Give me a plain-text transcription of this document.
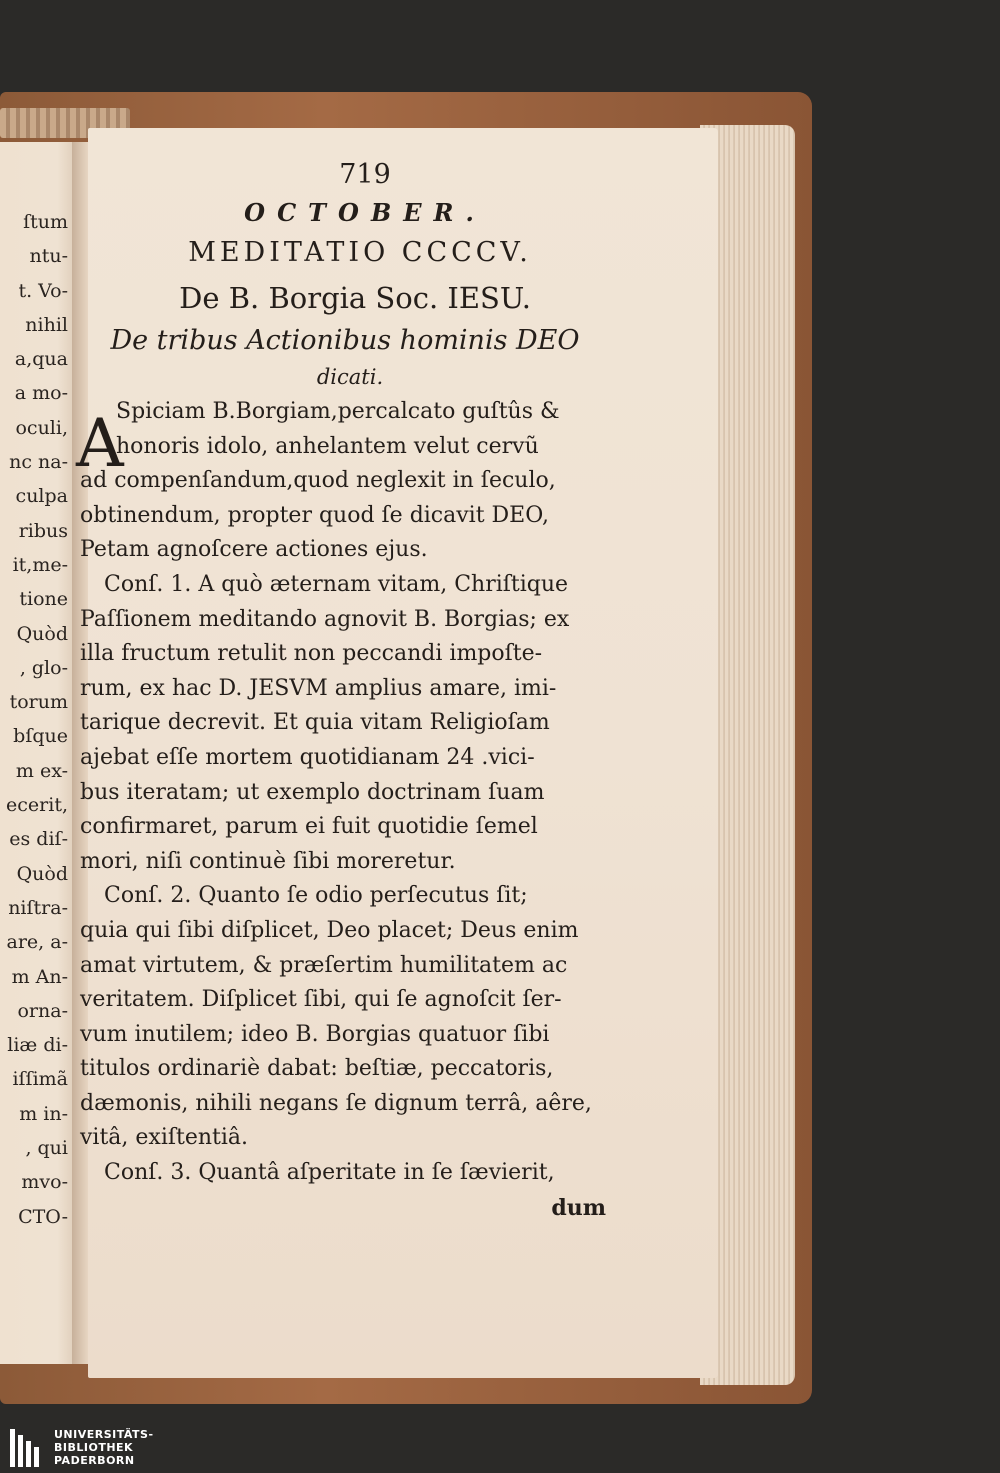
ſtum
ntu-
t. Vo-
nihil
a,qua
a mo-
oculi,
nc na-
culpa
ribus
it,me-
tione
Quòd
, glo-
torum
bſque
m ex-
ecerit,
es diſ-
Quòd
niſtra-
are, a-
m An-
orna-
liæ di-
iſſimã
m in-
, qui
mvo-
CTO-
719
OCTOBER.
MEDITATIO CCCCV.
De B. Borgia Soc. IESU.
De tribus Actionibus hominis DEO
dicati.
Spiciam B.Borgiam,percalcato guſtûs &
honoris idolo, anhelantem velut cervũ
ad compenſandum,quod neglexit in ſeculo,
obtinendum, propter quod ſe dicavit DEO,
Petam agnoſcere actiones ejus.
Conſ. 1. A quò æternam vitam, Chriſtique
Paſſionem meditando agnovit B. Borgias; ex
illa fructum retulit non peccandi impoſte-
rum, ex hac D. JESVM amplius amare, imi-
tarique decrevit. Et quia vitam Religioſam
ajebat eſſe mortem quotidianam 24 .vici-
bus iteratam; ut exemplo doctrinam ſuam
confirmaret, parum ei fuit quotidie ſemel
mori, niſi continuè ſibi moreretur.
Conſ. 2. Quanto ſe odio perſecutus ſit;
quia qui ſibi diſplicet, Deo placet; Deus enim
amat virtutem, & præſertim humilitatem ac
veritatem. Diſplicet ſibi, qui ſe agnoſcit ſer-
vum inutilem; ideo B. Borgias quatuor ſibi
titulos ordinariè dabat: beſtiæ, peccatoris,
dæmonis, nihili negans ſe dignum terrâ, aêre,
vitâ, exiſtentiâ.
Conſ. 3. Quantâ aſperitate in ſe ſævierit,
dum
A
UNIVERSITÄTS-
BIBLIOTHEK
PADERBORN
